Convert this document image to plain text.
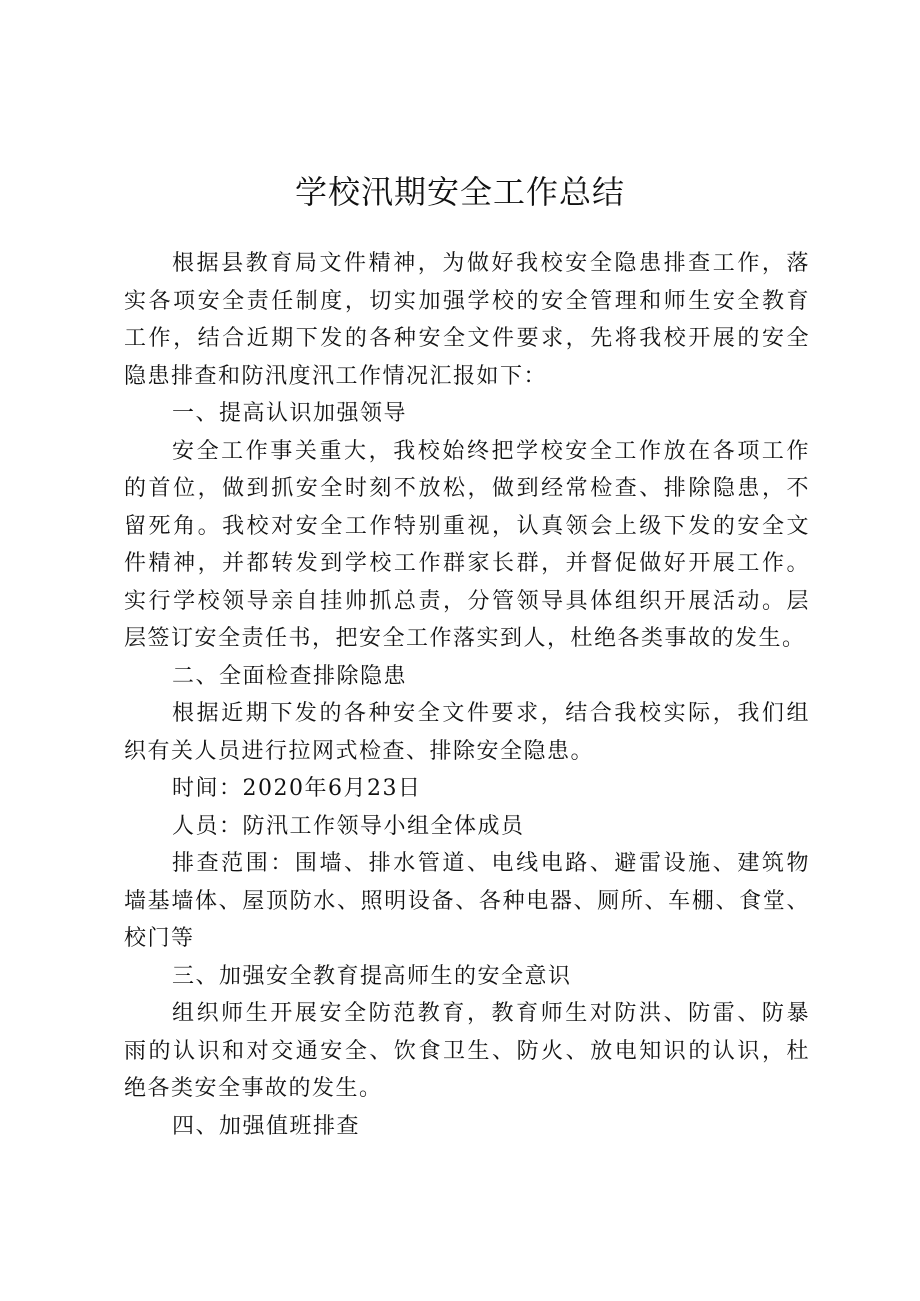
学校汛期安全工作总结

根据县教育局文件精神，为做好我校安全隐患排查工作，落 实各项安全责任制度，切实加强学校的安全管理和师生安全教育 工作，结合近期下发的各种安全文件要求，先将我校开展的安全 隐患排查和防汛度汛工作情况汇报如下：

一、提高认识加强领导

安全工作事关重大，我校始终把学校安全工作放在各项工作 的首位，做到抓安全时刻不放松，做到经常检查、排除隐患，不 留死角。我校对安全工作特别重视，认真领会上级下发的安全文 件精神，并都转发到学校工作群家长群，并督促做好开展工作。 实行学校领导亲自挂帅抓总责，分管领导具体组织开展活动。层 层签订安全责任书，把安全工作落实到人，杜绝各类事故的发生。

二、全面检查排除隐患

根据近期下发的各种安全文件要求，结合我校实际，我们组 织有关人员进行拉网式检查、排除安全隐患。

时间：2020年6月23日

人员：防汛工作领导小组全体成员

排查范围：围墙、排水管道、电线电路、避雷设施、建筑物 墙基墙体、屋顶防水、照明设备、各种电器、厕所、车棚、食堂、 校门等

三、加强安全教育提高师生的安全意识

组织师生开展安全防范教育，教育师生对防洪、防雷、防暴 雨的认识和对交通安全、饮食卫生、防火、放电知识的认识，杜 绝各类安全事故的发生。

四、加强值班排查
